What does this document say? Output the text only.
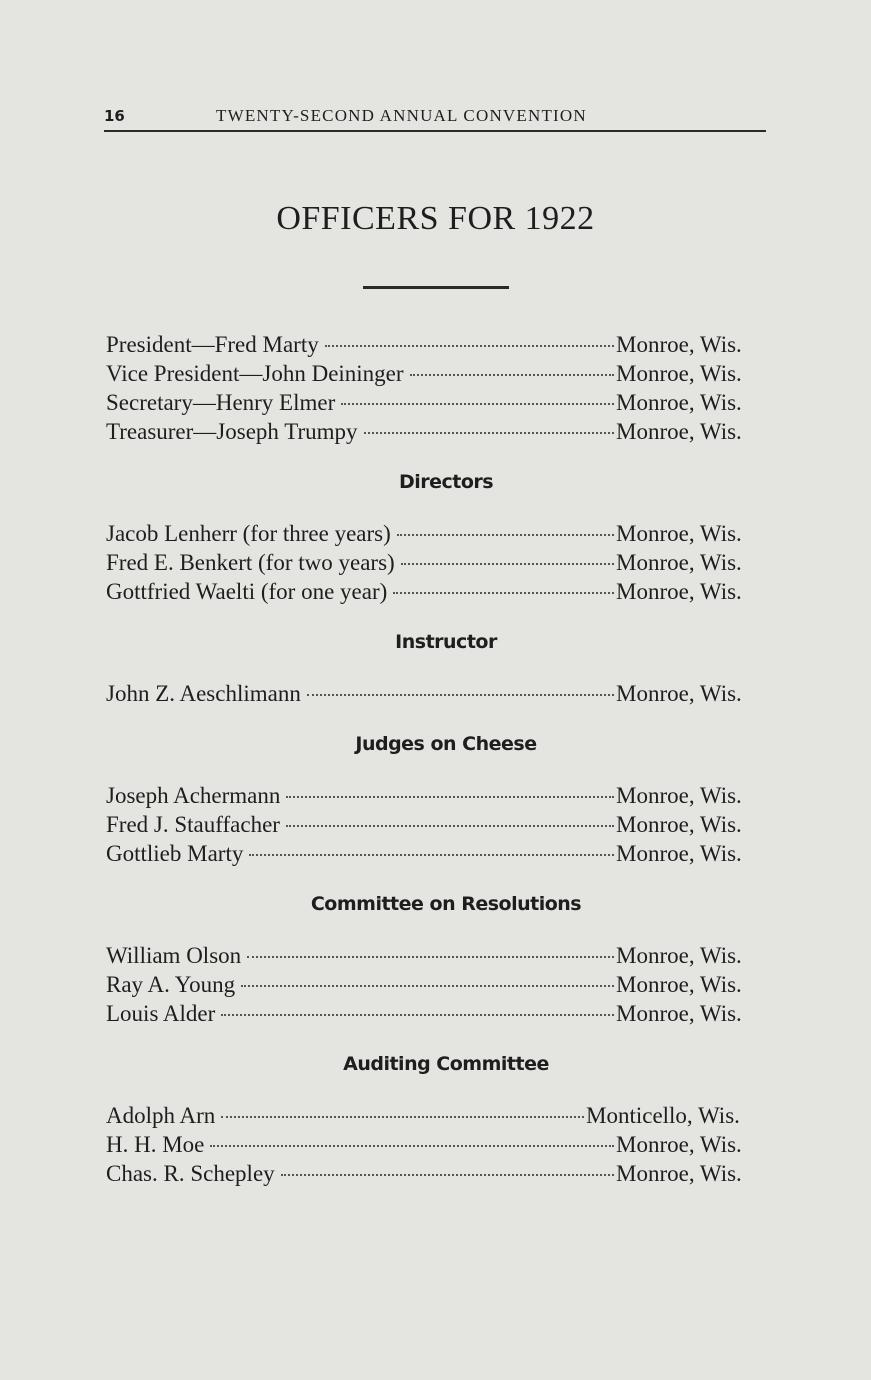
16	TWENTY-SECOND ANNUAL CONVENTION
OFFICERS FOR 1922
President—Fred Marty	Monroe, Wis.
Vice President—John Deininger	Monroe, Wis.
Secretary—Henry Elmer	Monroe, Wis.
Treasurer—Joseph Trumpy	Monroe, Wis.
Directors
Jacob Lenherr (for three years)	Monroe, Wis.
Fred E. Benkert (for two years)	Monroe, Wis.
Gottfried Waelti (for one year)	Monroe, Wis.
Instructor
John Z. Aeschlimann	Monroe, Wis.
Judges on Cheese
Joseph Achermann	Monroe, Wis.
Fred J. Stauffacher	Monroe, Wis.
Gottlieb Marty	Monroe, Wis.
Committee on Resolutions
William Olson	Monroe, Wis.
Ray A. Young	Monroe, Wis.
Louis Alder	Monroe, Wis.
Auditing Committee
Adolph Arn	Monticello, Wis.
H. H. Moe	Monroe, Wis.
Chas. R. Schepley	Monroe, Wis.
